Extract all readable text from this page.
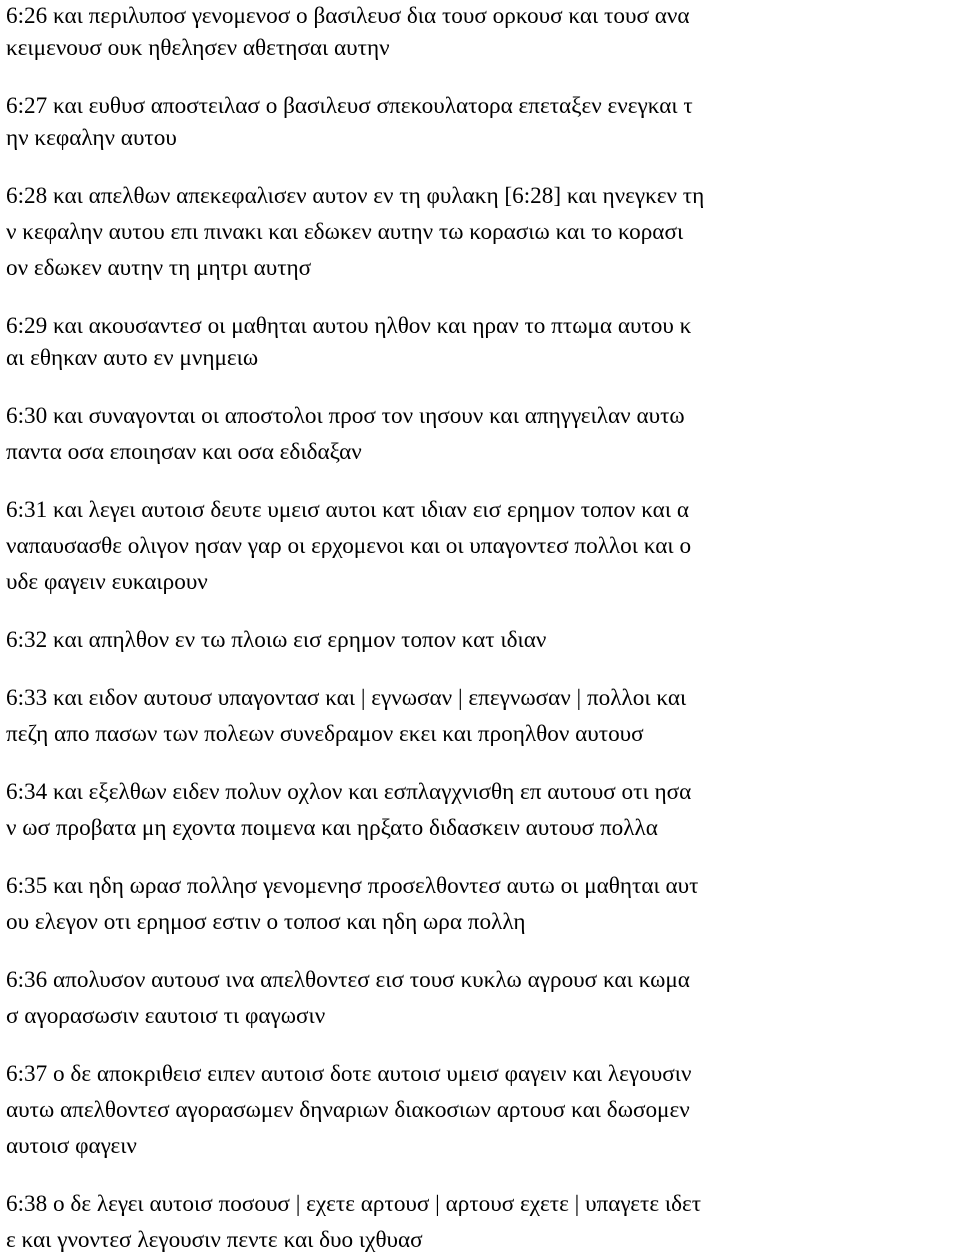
6:26 και περιλυποσ γενομενοσ ο βασιλευσ δια τουσ ορκουσ και τουσ ανα
κειμενουσ ουκ ηθελησεν αθετησαι αυτην
6:27 και ευθυσ αποστειλασ ο βασιλευσ σπεκουλατορα επεταξεν ενεγκαι τ
ην κεφαλην αυτου
6:28 και απελθων απεκεφαλισεν αυτον εν τη φυλακη [6:28] και ηνεγκεν τη
ν κεφαλην αυτου επι πινακι και εδωκεν αυτην τω κορασιω και το κορασι
ον εδωκεν αυτην τη μητρι αυτησ
6:29 και ακουσαντεσ οι μαθηται αυτου ηλθον και ηραν το πτωμα αυτου κ
αι εθηκαν αυτο εν μνημειω
6:30 και συναγονται οι αποστολοι προσ τον ιησουν και απηγγειλαν αυτω
παντα οσα εποιησαν και οσα εδιδαξαν
6:31 και λεγει αυτοισ δευτε υμεισ αυτοι κατ ιδιαν εισ ερημον τοπον και α
ναπαυσασθε ολιγον ησαν γαρ οι ερχομενοι και οι υπαγοντεσ πολλοι και ο
υδε φαγειν ευκαιρουν
6:32 και απηλθον εν τω πλοιω εισ ερημον τοπον κατ ιδιαν
6:33 και ειδον αυτουσ υπαγοντασ και | εγνωσαν | επεγνωσαν | πολλοι και
πεζη απο πασων των πολεων συνεδραμον εκει και προηλθον αυτουσ
6:34 και εξελθων ειδεν πολυν οχλον και εσπλαγχνισθη επ αυτουσ οτι ησα
ν ωσ προβατα μη εχοντα ποιμενα και ηρξατο διδασκειν αυτουσ πολλα
6:35 και ηδη ωρασ πολλησ γενομενησ προσελθοντεσ αυτω οι μαθηται αυτ
ου ελεγον οτι ερημοσ εστιν ο τοποσ και ηδη ωρα πολλη
6:36 απολυσον αυτουσ ινα απελθοντεσ εισ τουσ κυκλω αγρουσ και κωμα
σ αγορασωσιν εαυτοισ τι φαγωσιν
6:37 ο δε αποκριθεισ ειπεν αυτοισ δοτε αυτοισ υμεισ φαγειν και λεγουσιν
αυτω απελθοντεσ αγορασωμεν δηναριων διακοσιων αρτουσ και δωσομεν
αυτοισ φαγειν
6:38 ο δε λεγει αυτοισ ποσουσ | εχετε αρτουσ | αρτουσ εχετε | υπαγετε ιδετ
ε και γνοντεσ λεγουσιν πεντε και δυο ιχθυασ
